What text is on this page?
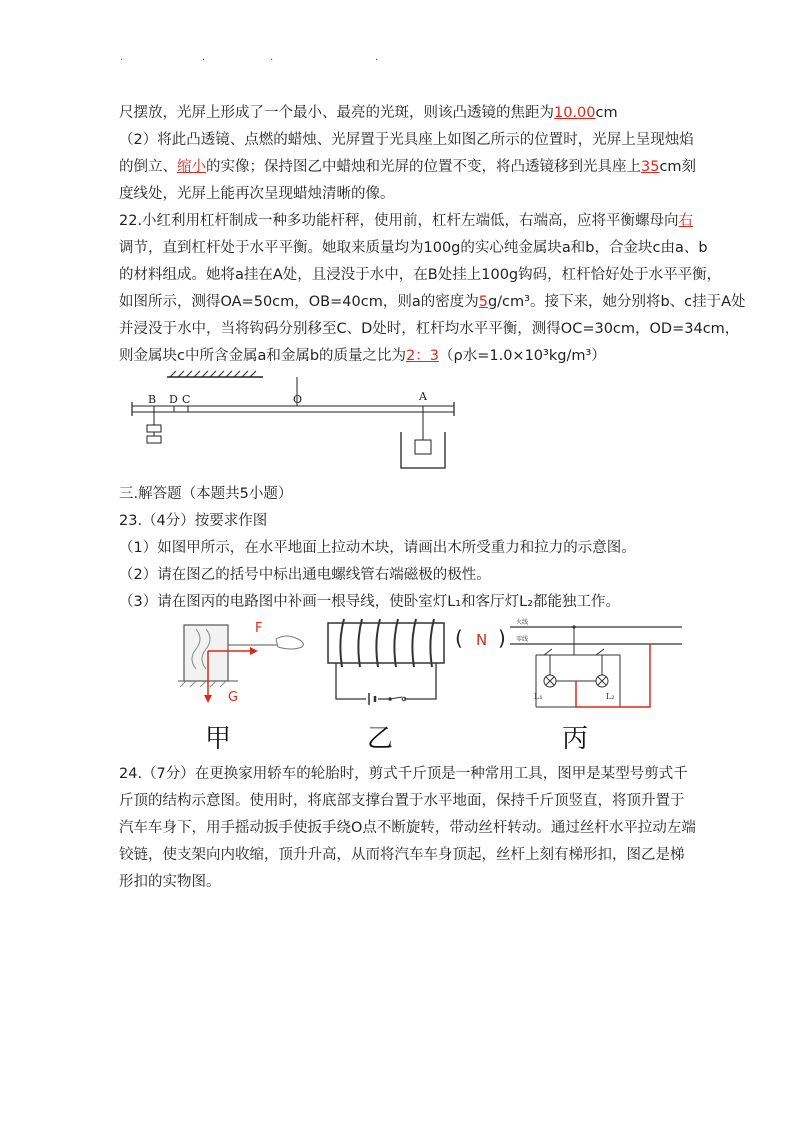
.	.	.	.
尺摆放，光屏上形成了一个最小、最亮的光斑，则该凸透镜的焦距为10.00cm
（2）将此凸透镜、点燃的蜡烛、光屏置于光具座上如图乙所示的位置时，光屏上呈现烛焰
的倒立、缩小的实像；保持图乙中蜡烛和光屏的位置不变，将凸透镜移到光具座上35cm刻
度线处，光屏上能再次呈现蜡烛清晰的像。
22.小红利用杠杆制成一种多功能杆秤，使用前，杠杆左端低，右端高，应将平衡螺母向右
调节，直到杠杆处于水平平衡。她取来质量均为100g的实心纯金属块a和b，合金块c由a、b
的材料组成。她将a挂在A处，且浸没于水中，在B处挂上100g钩码，杠杆恰好处于水平平衡，
如图所示，测得OA=50cm，OB=40cm，则a的密度为5g/cm³。接下来，她分别将b、c挂于A处
并浸没于水中，当将钩码分别移至C、D处时，杠杆均水平平衡，测得OC=30cm，OD=34cm，
则金属块c中所含金属a和金属b的质量之比为2：3（ρ水=1.0×10³kg/m³）
B D C	O	A
三.解答题（本题共5小题）
23.（4分）按要求作图
（1）如图甲所示，在水平地面上拉动木块，请画出木所受重力和拉力的示意图。
（2）请在图乙的括号中标出通电螺线管右端磁极的极性。
（3）请在图丙的电路图中补画一根导线，使卧室灯L₁和客厅灯L₂都能独工作。
F
G
( N )
火线
零线
L₁	L₂
甲	乙	丙
24.（7分）在更换家用轿车的轮胎时，剪式千斤顶是一种常用工具，图甲是某型号剪式千
斤顶的结构示意图。使用时，将底部支撑台置于水平地面，保持千斤顶竖直，将顶升置于
汽车车身下，用手摇动扳手使扳手绕O点不断旋转，带动丝杆转动。通过丝杆水平拉动左端
铰链，使支架向内收缩，顶升升高，从而将汽车车身顶起，丝杆上刻有梯形扣，图乙是梯
形扣的实物图。
